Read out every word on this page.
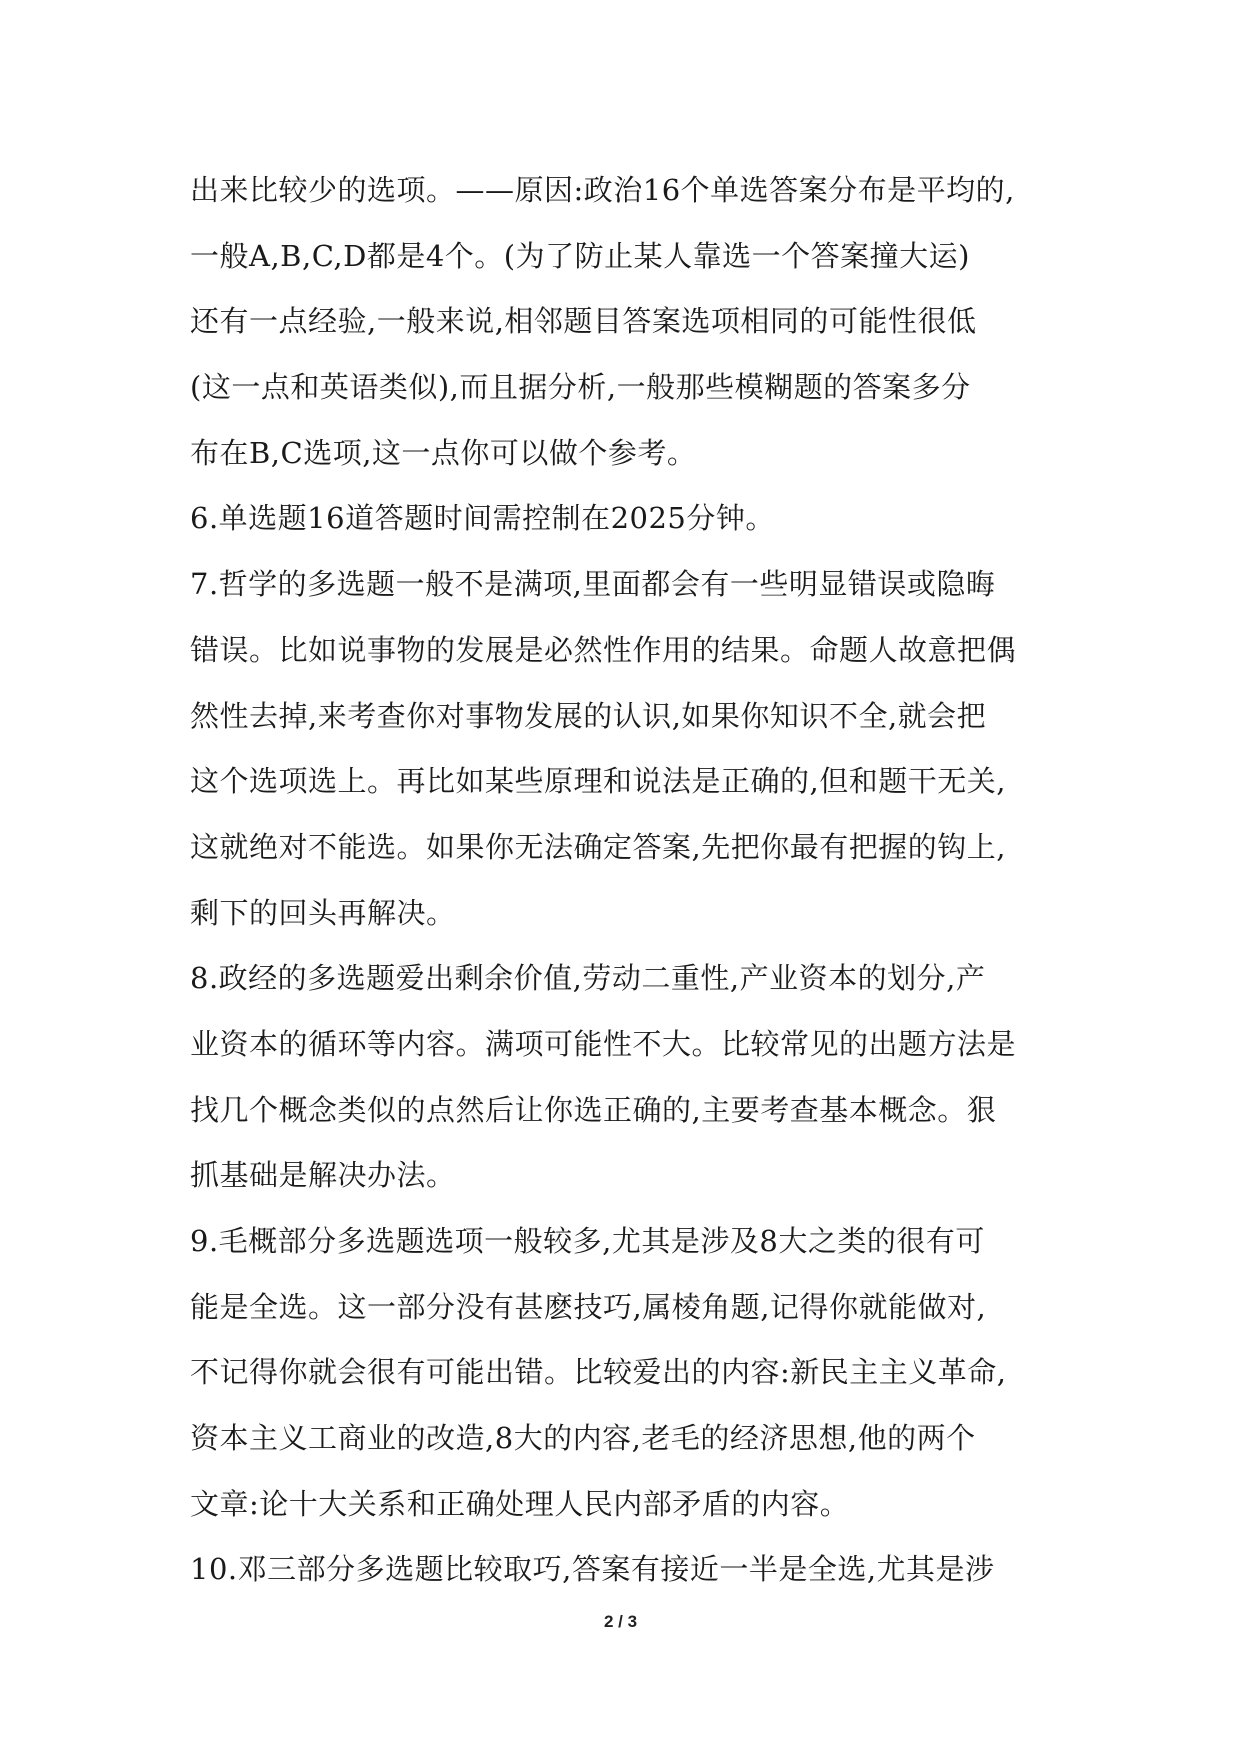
出来比较少的选项。——原因:政治16个单选答案分布是平均的,
一般A,B,C,D都是4个。(为了防止某人靠选一个答案撞大运)
还有一点经验,一般来说,相邻题目答案选项相同的可能性很低
(这一点和英语类似),而且据分析,一般那些模糊题的答案多分
布在B,C选项,这一点你可以做个参考。
6.单选题16道答题时间需控制在2025分钟。
7.哲学的多选题一般不是满项,里面都会有一些明显错误或隐晦
错误。比如说事物的发展是必然性作用的结果。命题人故意把偶
然性去掉,来考查你对事物发展的认识,如果你知识不全,就会把
这个选项选上。再比如某些原理和说法是正确的,但和题干无关,
这就绝对不能选。如果你无法确定答案,先把你最有把握的钩上,
剩下的回头再解决。
8.政经的多选题爱出剩余价值,劳动二重性,产业资本的划分,产
业资本的循环等内容。满项可能性不大。比较常见的出题方法是
找几个概念类似的点然后让你选正确的,主要考查基本概念。狠
抓基础是解决办法。
9.毛概部分多选题选项一般较多,尤其是涉及8大之类的很有可
能是全选。这一部分没有甚麽技巧,属棱角题,记得你就能做对,
不记得你就会很有可能出错。比较爱出的内容:新民主主义革命,
资本主义工商业的改造,8大的内容,老毛的经济思想,他的两个
文章:论十大关系和正确处理人民内部矛盾的内容。
10.邓三部分多选题比较取巧,答案有接近一半是全选,尤其是涉
2 / 3
